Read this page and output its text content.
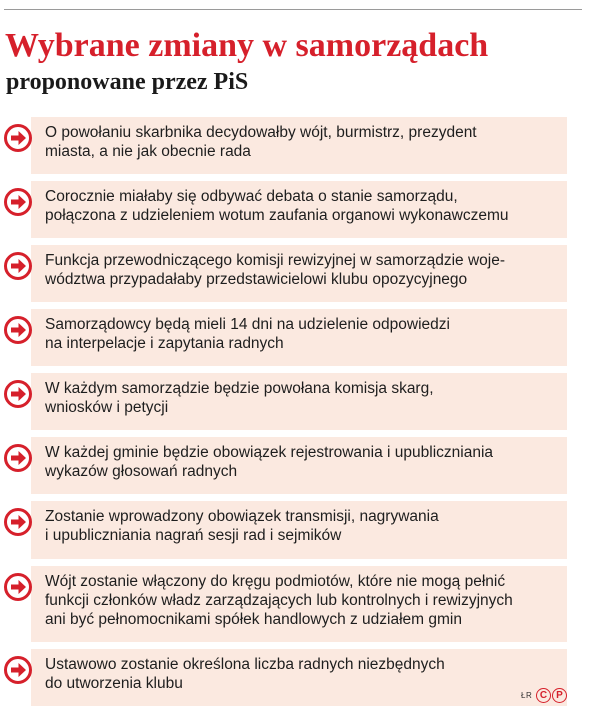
Wybrane zmiany w samorządach
proponowane przez PiS

O powołaniu skarbnika decydowałby wójt, burmistrz, prezydent
miasta, a nie jak obecnie rada

Corocznie miałaby się odbywać debata o stanie samorządu,
połączona z udzieleniem wotum zaufania organowi wykonawczemu

Funkcja przewodniczącego komisji rewizyjnej w samorządzie woje-
wództwa przypadałaby przedstawicielowi klubu opozycyjnego

Samorządowcy będą mieli 14 dni na udzielenie odpowiedzi
na interpelacje i zapytania radnych

W każdym samorządzie będzie powołana komisja skarg,
wniosków i petycji

W każdej gminie będzie obowiązek rejestrowania i upubliczniania
wykazów głosowań radnych

Zostanie wprowadzony obowiązek transmisji, nagrywania
i upubliczniania nagrań sesji rad i sejmików

Wójt zostanie włączony do kręgu podmiotów, które nie mogą pełnić
funkcji członków władz zarządzających lub kontrolnych i rewizyjnych
ani być pełnomocnikami spółek handlowych z udziałem gmin

Ustawowo zostanie określona liczba radnych niezbędnych
do utworzenia klubu

ŁR C P
